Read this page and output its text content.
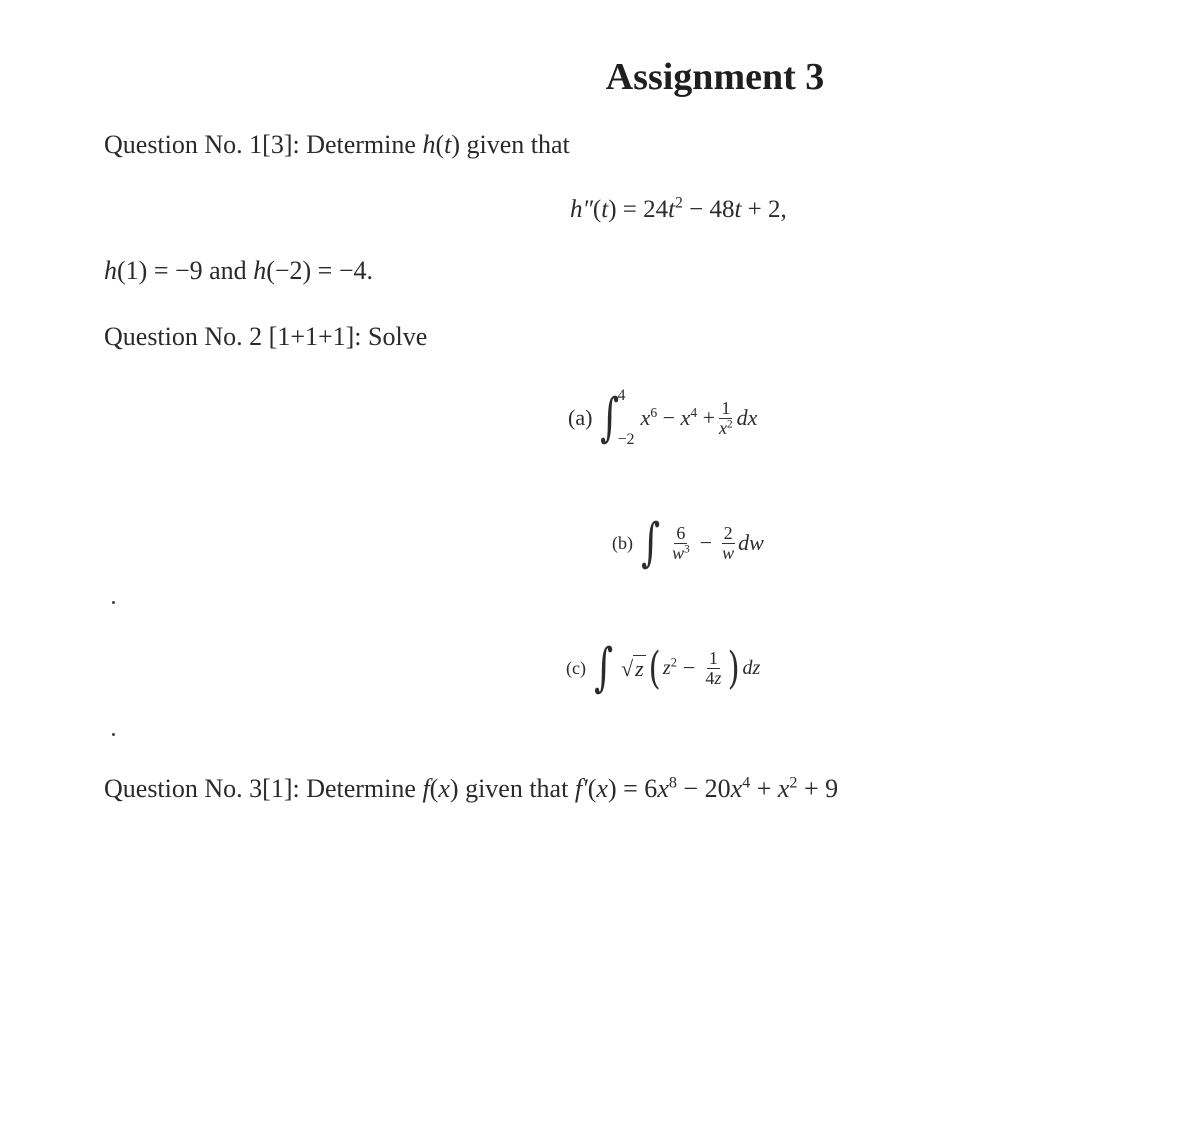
Assignment 3
Question No. 1[3]: Determine h(t) given that
$h''(t) = 24t^2 - 48t + 2$,
h(1) = −9 and h(−2) = −4.
Question No. 2 [1+1+1]: Solve
(a) ∫
4
−2
$x^6 - x^4 + \frac{1}{x^2}$ dx
(b) ∫ $\frac{6}{w^3} - \frac{2}{w}$ dw
(c) ∫ √z ( $z^2 - \frac{1}{4z}$ ) dz
Question No. 3[1]: Determine f(x) given that $f'(x) = 6x^8 - 20x^4 + x^2 + 9$
